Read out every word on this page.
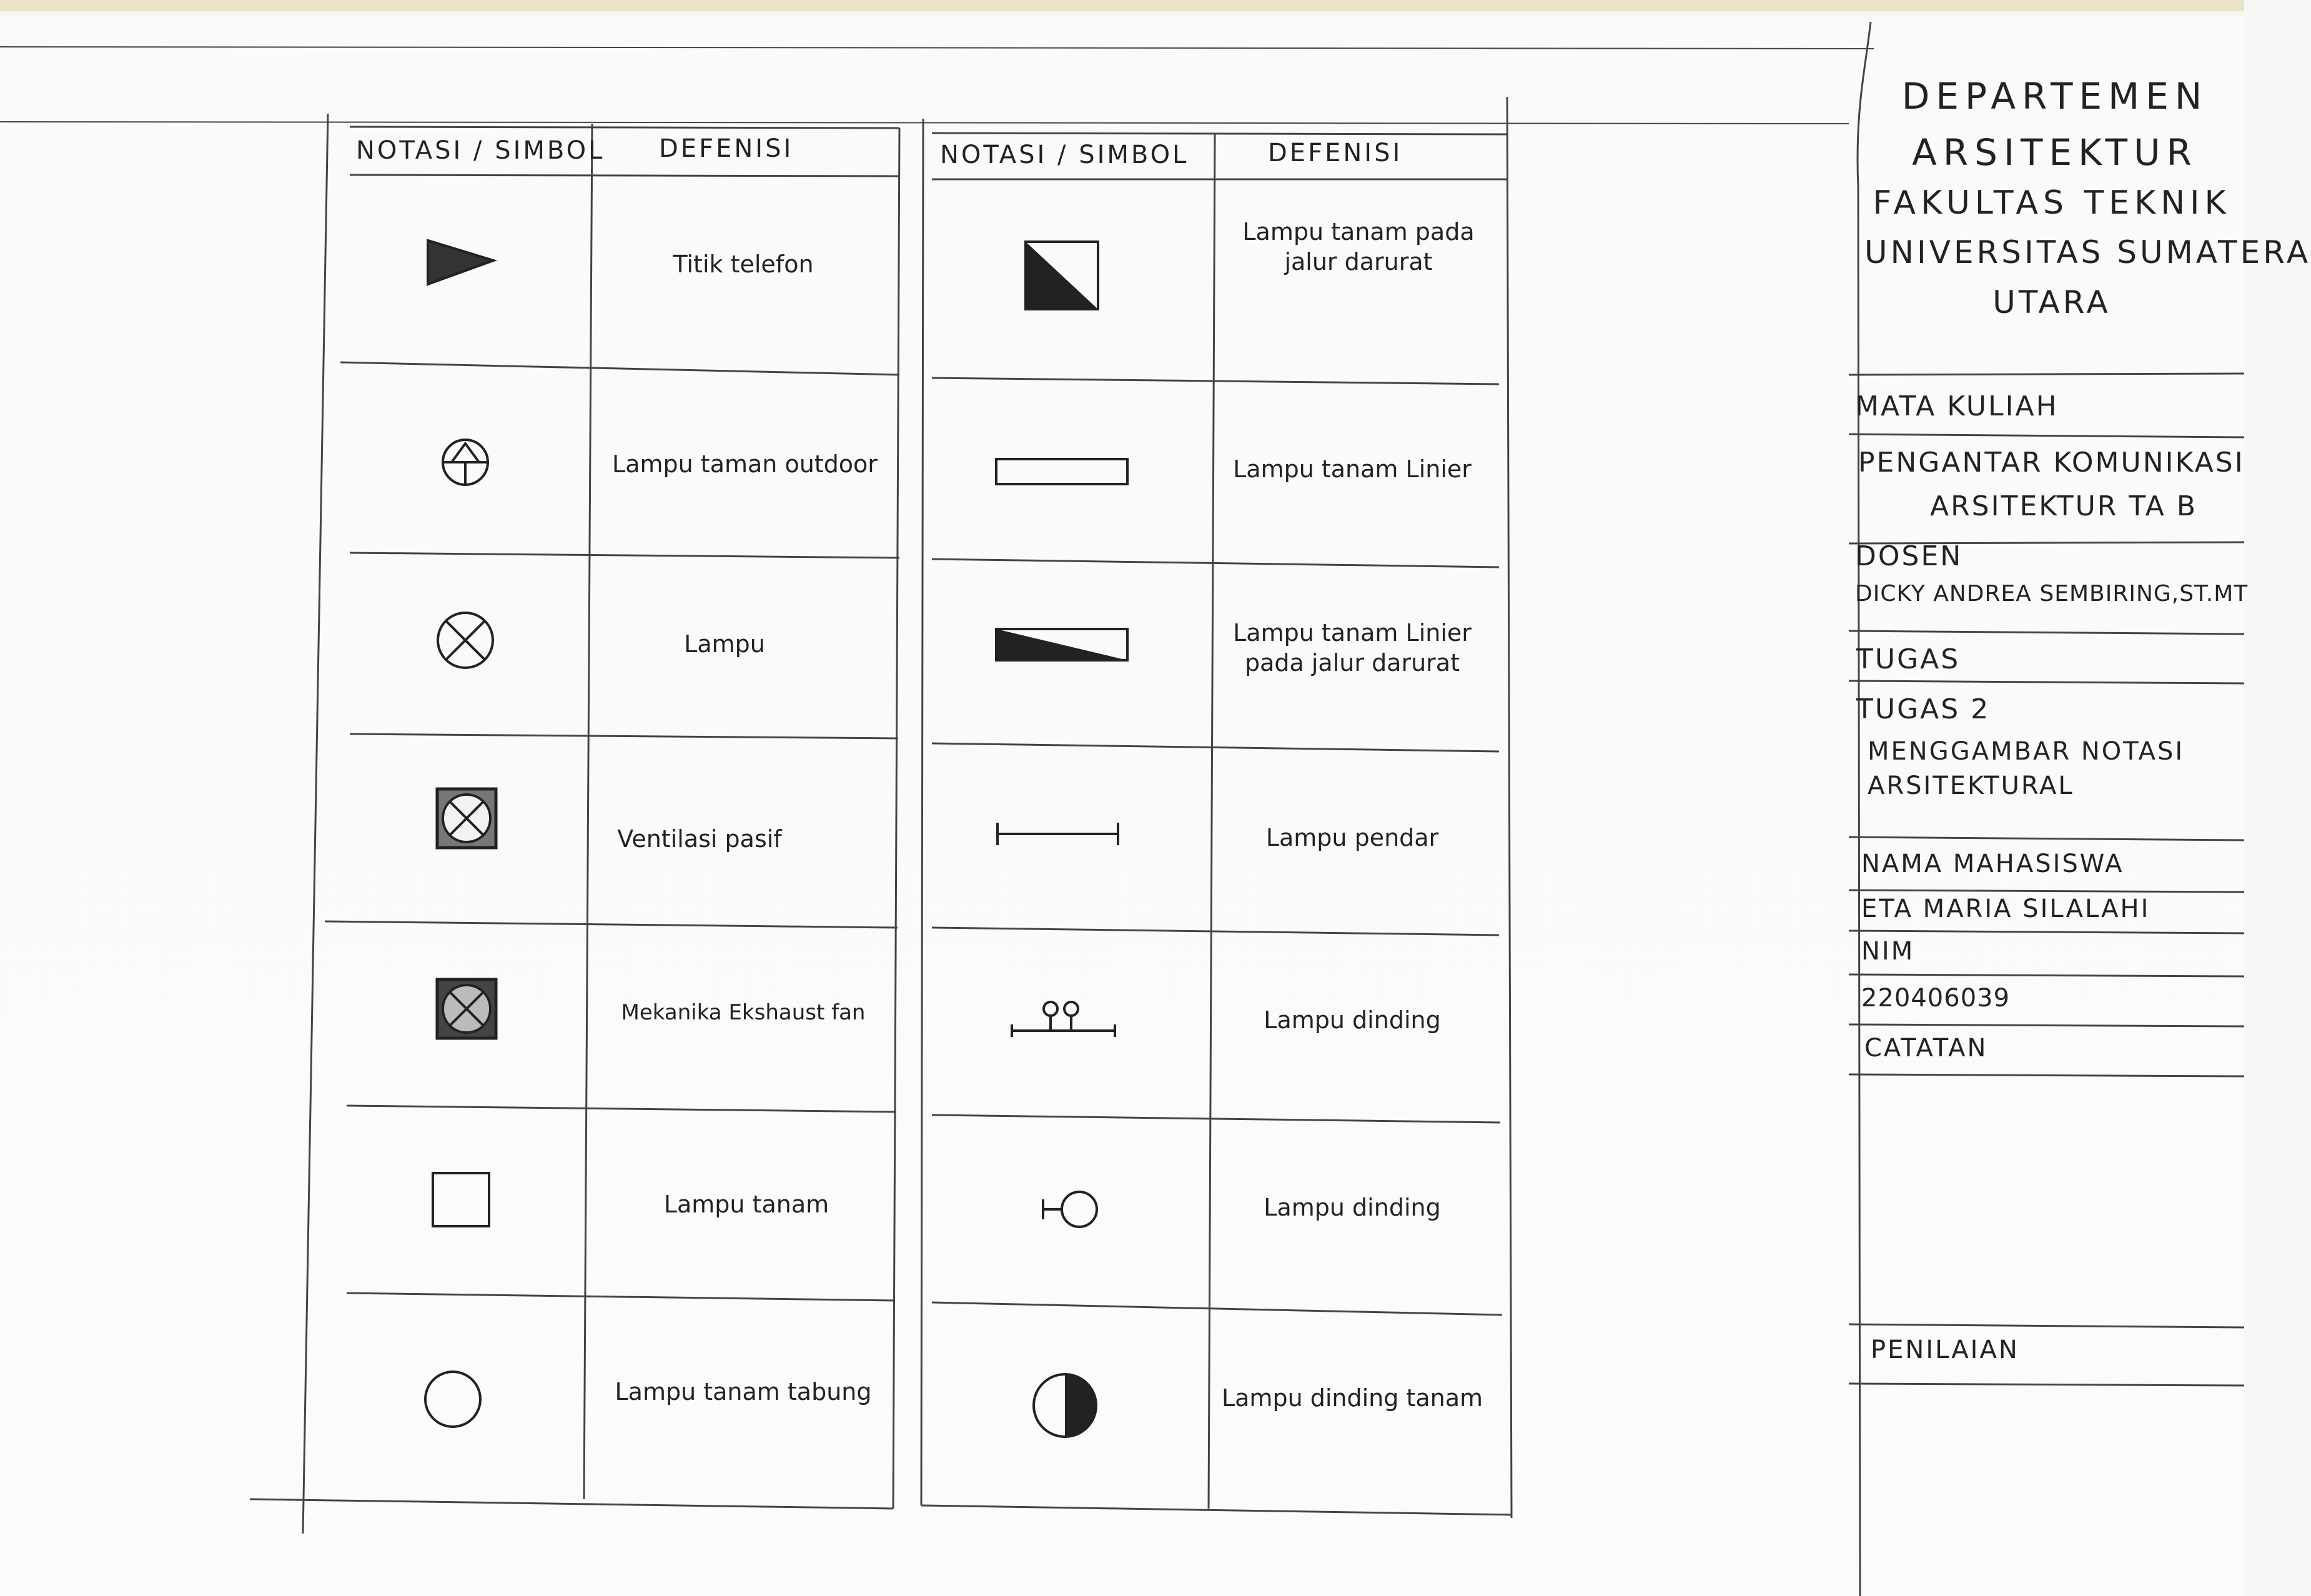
NOTASI / SIMBOL DEFENISI	NOTASI / SIMBOL	DEFENISI
Titik telefon
Lampu taman outdoor
Lampu
Ventilasi pasif
Mekanika Ekshaust fan
Lampu tanam
Lampu tanam tabung
Lampu tanam pada jalur darurat
Lampu tanam Linier
Lampu tanam Linier pada jalur darurat
Lampu pendar
Lampu dinding
Lampu dinding
Lampu dinding tanam
DEPARTEMEN
ARSITEKTUR
FAKULTAS TEKNIK
UNIVERSITAS SUMATERA
UTARA
MATA KULIAH
PENGANTAR KOMUNIKASI
ARSITEKTUR TA B
DOSEN
DICKY ANDREA SEMBIRING,ST.MT
TUGAS
TUGAS 2
MENGGAMBAR NOTASI
ARSITEKTURAL
NAMA MAHASISWA
ETA MARIA SILALAHI
NIM
220406039
CATATAN
PENILAIAN
